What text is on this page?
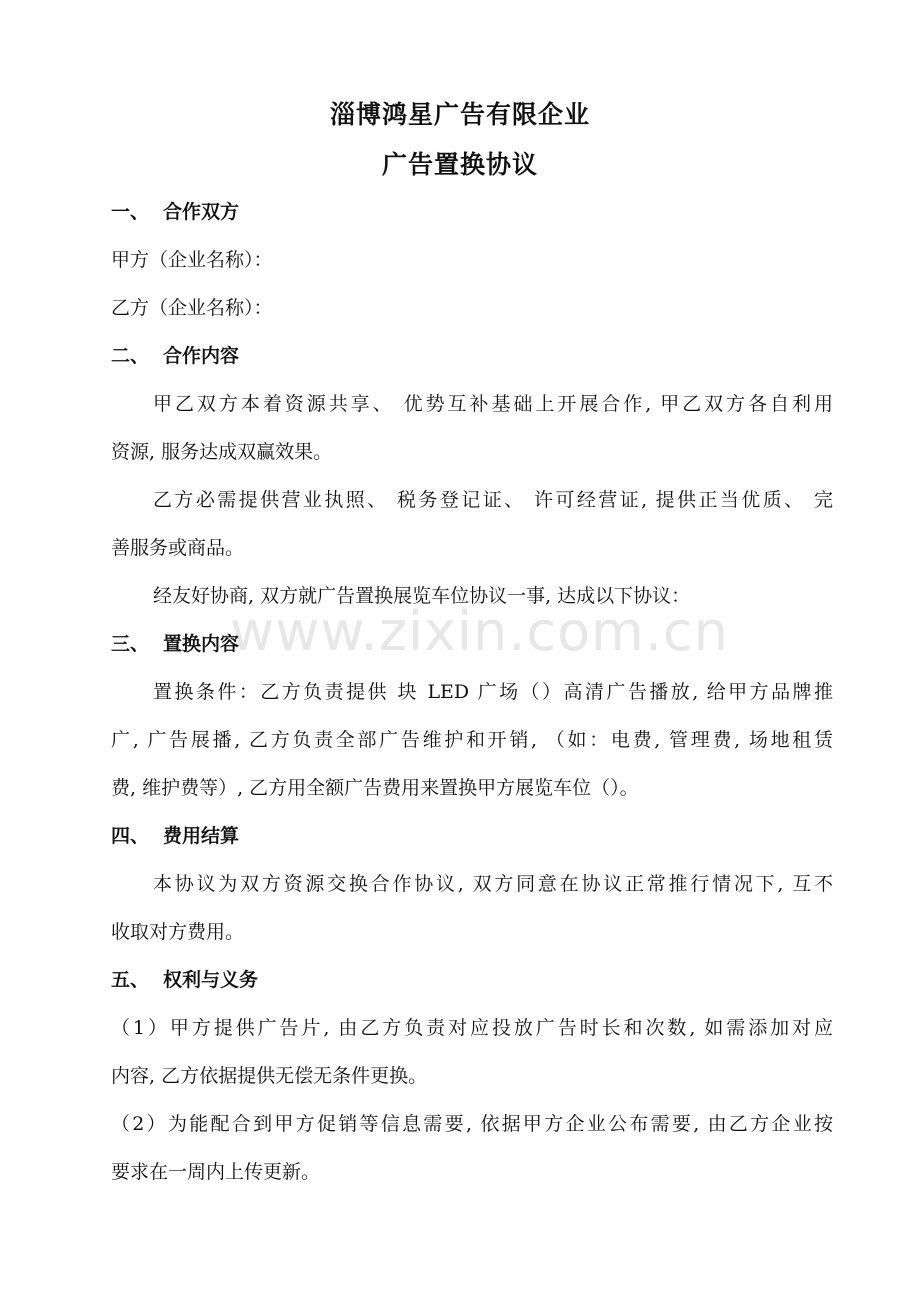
www.zixin.com.cn
淄博鸿星广告有限企业
广告置换协议
一、 合作双方
甲方（企业名称）：
乙方（企业名称）：
二、 合作内容
甲乙双方本着资源共享、 优势互补基础上开展合作, 甲乙双方各自利用
资源, 服务达成双赢效果。
乙方必需提供营业执照、 税务登记证、 许可经营证, 提供正当优质、 完
善服务或商品。
经友好协商, 双方就广告置换展览车位协议一事, 达成以下协议：
三、 置换内容
置换条件：乙方负责提供 块 LED 广场（）高清广告播放, 给甲方品牌推
广, 广告展播, 乙方负责全部广告维护和开销, （如：电费, 管理费, 场地租赁
费, 维护费等）, 乙方用全额广告费用来置换甲方展览车位（）。
四、 费用结算
本协议为双方资源交换合作协议, 双方同意在协议正常推行情况下, 互不
收取对方费用。
五、 权利与义务
（1）甲方提供广告片, 由乙方负责对应投放广告时长和次数, 如需添加对应
内容, 乙方依据提供无偿无条件更换。
（2）为能配合到甲方促销等信息需要, 依据甲方企业公布需要, 由乙方企业按
要求在一周内上传更新。
